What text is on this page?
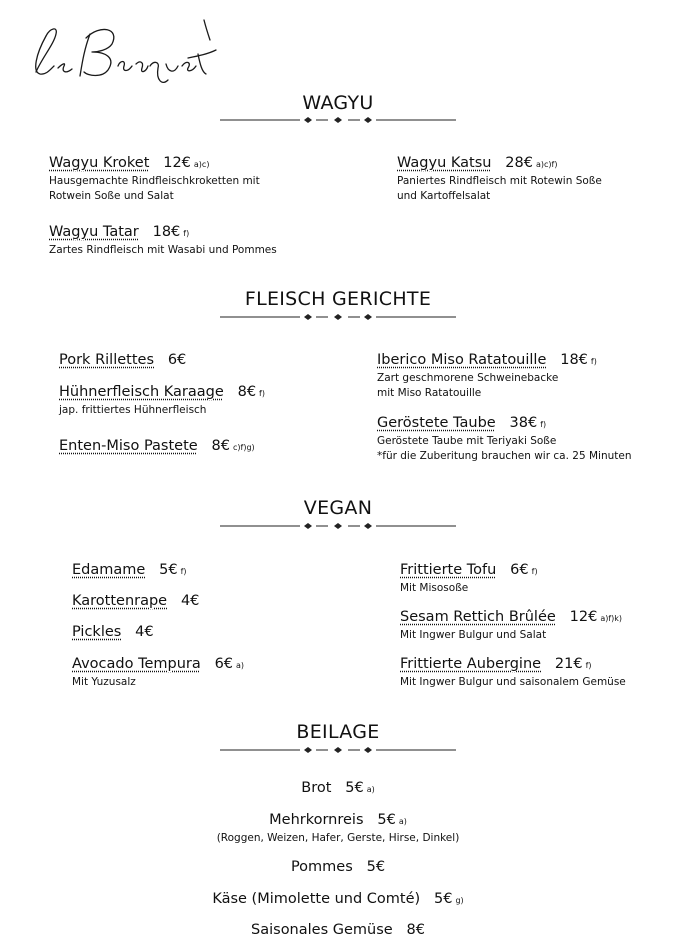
WAGYU
Wagyu Kroket 12€ a)c)
Hausgemachte Rindfleischkroketten mit
Rotwein Soße und Salat
Wagyu Katsu 28€ a)c)f)
Paniertes Rindfleisch mit Rotewin Soße
und Kartoffelsalat
Wagyu Tatar 18€ f)
Zartes Rindfleisch mit Wasabi und Pommes
FLEISCH GERICHTE
Pork Rillettes 6€
Hühnerfleisch Karaage 8€ f)
jap. frittiertes Hühnerfleisch
Enten-Miso Pastete 8€ c)f)g)
Iberico Miso Ratatouille 18€ f)
Zart geschmorene Schweinebacke
mit Miso Ratatouille
Geröstete Taube 38€ f)
Geröstete Taube mit Teriyaki Soße
*für die Zuberitung brauchen wir ca. 25 Minuten
VEGAN
Edamame 5€ f)
Karottenrape 4€
Pickles 4€
Avocado Tempura 6€ a)
Mit Yuzusalz
Frittierte Tofu 6€ f)
Mit Misosoße
Sesam Rettich Brûlée 12€ a)f)k)
Mit Ingwer Bulgur und Salat
Frittierte Aubergine 21€ f)
Mit Ingwer Bulgur und saisonalem Gemüse
BEILAGE
Brot 5€ a)
Mehrkornreis 5€ a)
(Roggen, Weizen, Hafer, Gerste, Hirse, Dinkel)
Pommes 5€
Käse (Mimolette und Comté) 5€ g)
Saisonales Gemüse 8€
